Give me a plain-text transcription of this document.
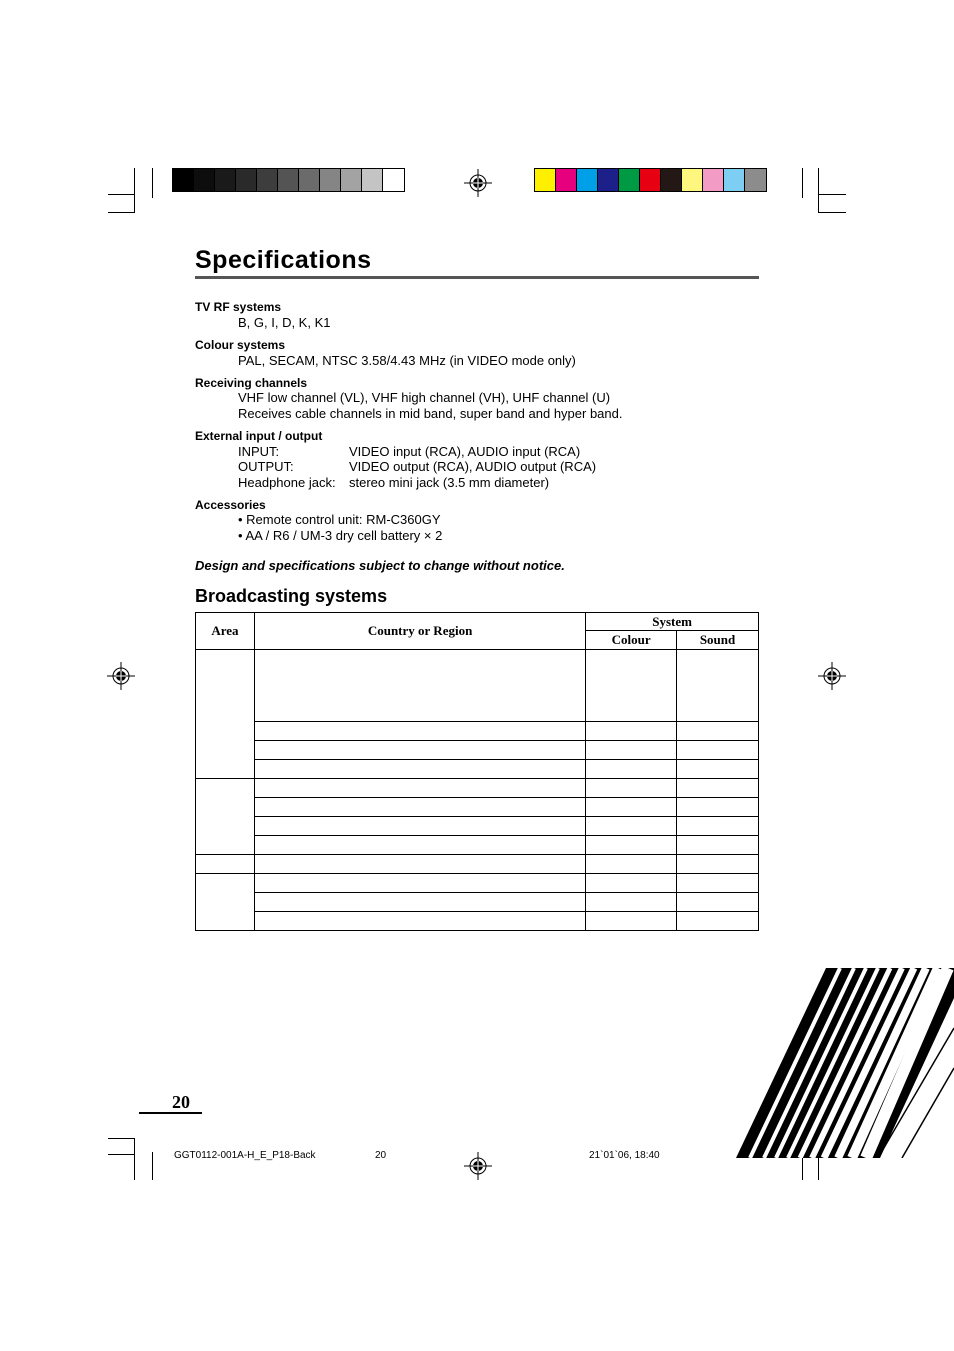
Specifications
TV RF systems
B, G, I, D, K, K1
Colour systems
PAL, SECAM, NTSC 3.58/4.43 MHz (in VIDEO mode only)
Receiving channels
VHF low channel (VL), VHF high channel (VH), UHF channel (U)
Receives cable channels in mid band, super band and hyper band.
External input / output
INPUT:	VIDEO input (RCA), AUDIO input (RCA)
OUTPUT:	VIDEO output (RCA), AUDIO output (RCA)
Headphone jack: stereo mini jack (3.5 mm diameter)
Accessories
• Remote control unit: RM-C360GY
• AA / R6 / UM-3 dry cell battery × 2
Design and specifications subject to change without notice.
Broadcasting systems
Area	Country or Region	System	
		Colour	Sound

20
GGT0112-001A-H_E_P18-Back	20	21`01`06, 18:40
